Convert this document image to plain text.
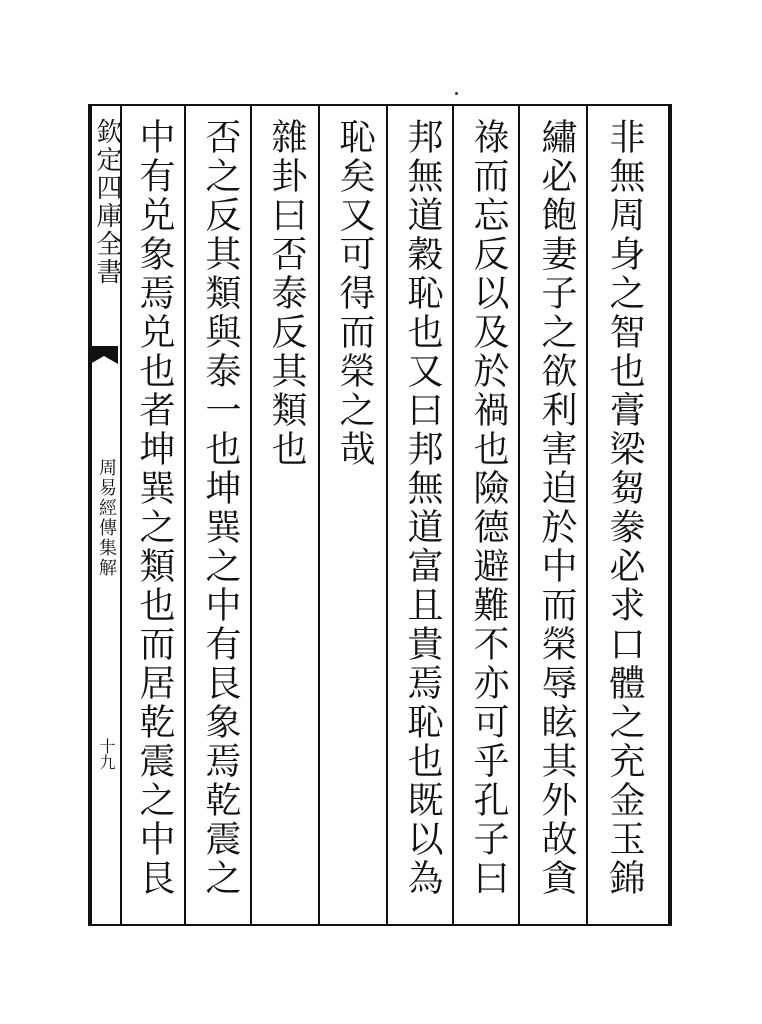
欽定四庫全書
周易經傳集解
十九	非無周身之智也膏梁芻豢必求口體之充金玉錦
繡必飽妻子之欲利害迫於中而榮辱眩其外故貪
祿而忘反以及於禍也險德避難不亦可乎孔子曰
邦無道穀恥也又曰邦無道富且貴焉恥也既以為
恥矣又可得而榮之哉
雜卦曰否泰反其類也
否之反其類與泰一也坤巽之中有艮象焉乾震之
中有兑象焉兑也者坤巽之類也而居乾震之中艮
